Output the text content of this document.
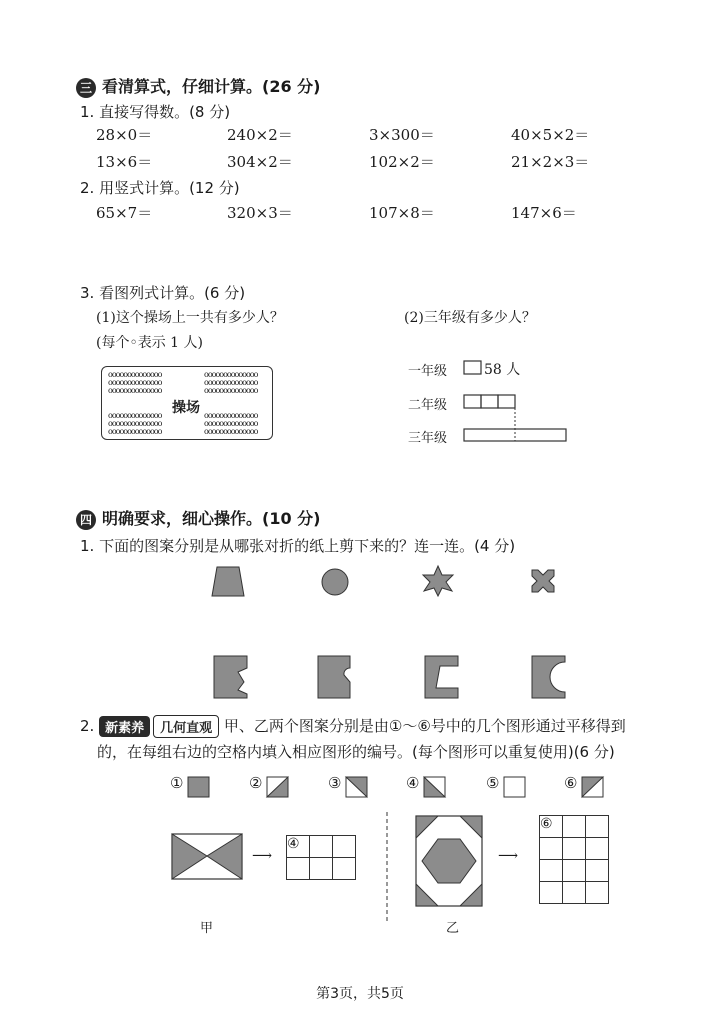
三 看清算式，仔细计算。(26 分)
1. 直接写得数。(8 分)
28×0＝	240×2＝	3×300＝	40×5×2＝
13×6＝	304×2＝	102×2＝	21×2×3＝
2. 用竖式计算。(12 分)
65×7＝	320×3＝	107×8＝	147×6＝
3. 看图列式计算。(6 分)
(1)这个操场上一共有多少人？
(每个◦表示 1 人)
oooooooooooooo
oooooooooooooo
oooooooooooooo
oooooooooooooo
oooooooooooooo
oooooooooooooo
oooooooooooooo
oooooooooooooo
oooooooooooooo
oooooooooooooo
oooooooooooooo
oooooooooooooo
操场
(2)三年级有多少人？
一年级
二年级
三年级
58 人
四 明确要求，细心操作。(10 分)
1. 下面的图案分别是从哪张对折的纸上剪下来的？连一连。(4 分)
2. 新素养 几何直观 甲、乙两个图案分别是由①～⑥号中的几个图形通过平移得到
的，在每组右边的空格内填入相应图形的编号。(每个图形可以重复使用)(6 分)
①	②	③	④	⑤	⑥
⟶
④		

甲
⟶
⑥		

乙
第3页，共5页
